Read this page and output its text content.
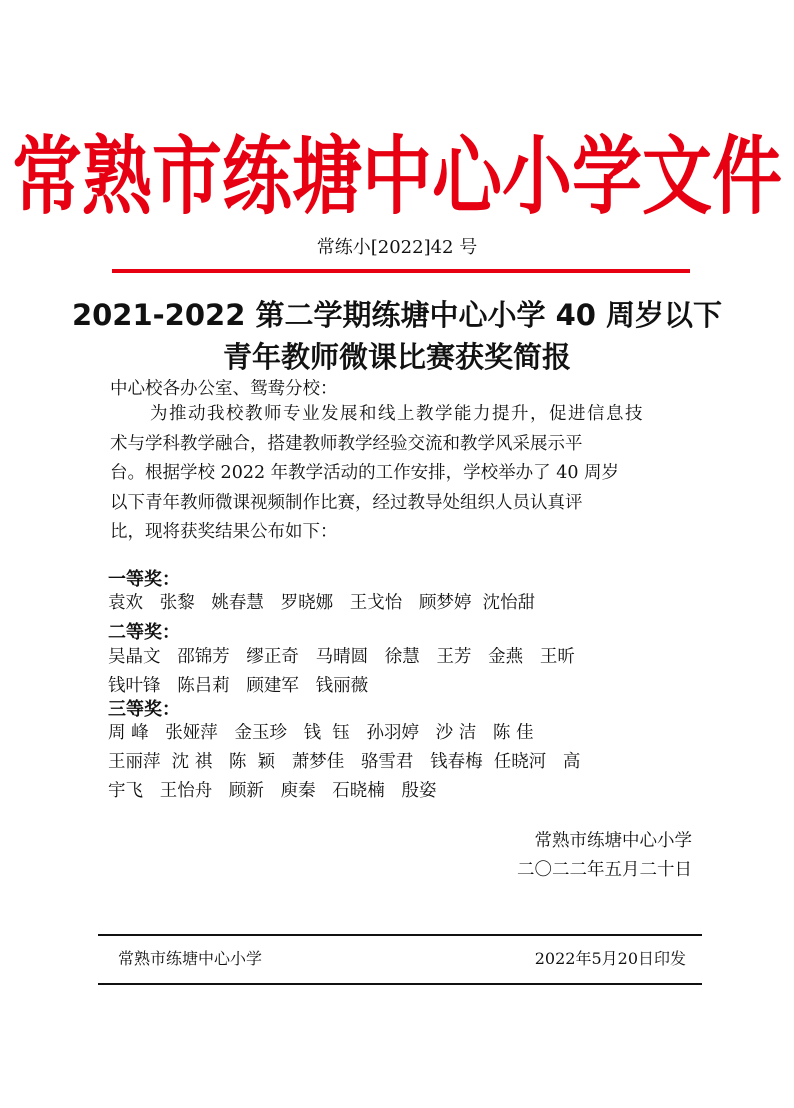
常熟市练塘中心小学文件
常练小[2022]42 号
2021-2022 第二学期练塘中心小学 40 周岁以下
青年教师微课比赛获奖简报
中心校各办公室、鸳鸯分校：
为推动我校教师专业发展和线上教学能力提升，促进信息技
术与学科教学融合，搭建教师教学经验交流和教学风采展示平
台。根据学校 2022 年教学活动的工作安排，学校举办了 40 周岁
以下青年教师微课视频制作比赛，经过教导处组织人员认真评
比，现将获奖结果公布如下：
一等奖：
袁欢   张黎   姚春慧   罗晓娜   王戈怡   顾梦婷  沈怡甜
二等奖：
吴晶文   邵锦芳   缪正奇   马晴圆   徐慧   王芳   金燕   王昕
钱叶锋   陈吕莉   顾建军   钱丽薇
三等奖：
周 峰   张娅萍   金玉珍   钱  钰   孙羽婷   沙 洁   陈 佳
王丽萍  沈 祺   陈  颖   萧梦佳   骆雪君   钱春梅  任晓河   高
宇飞   王怡舟   顾新   庾秦   石晓楠   殷姿
常熟市练塘中心小学
二〇二二年五月二十日
常熟市练塘中心小学	2022年5月20日印发
